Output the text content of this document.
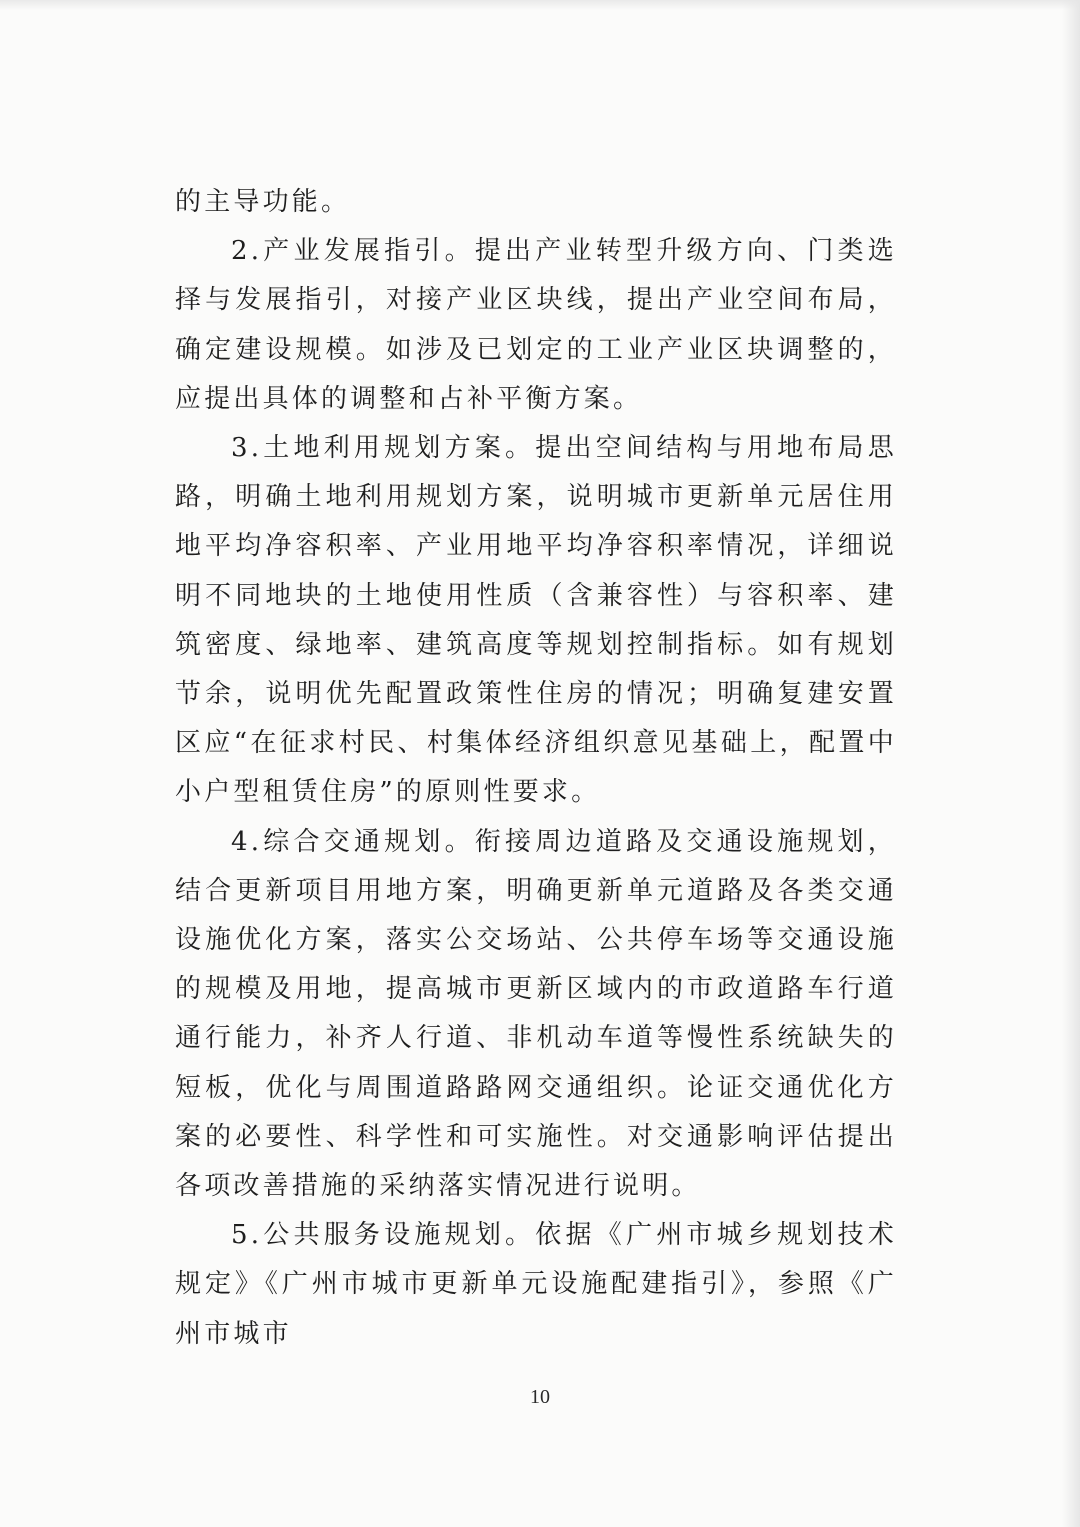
的主导功能。

2.产业发展指引。提出产业转型升级方向、门类选择与发展指引，对接产业区块线，提出产业空间布局，确定建设规模。如涉及已划定的工业产业区块调整的，应提出具体的调整和占补平衡方案。

3.土地利用规划方案。提出空间结构与用地布局思路，明确土地利用规划方案，说明城市更新单元居住用地平均净容积率、产业用地平均净容积率情况，详细说明不同地块的土地使用性质（含兼容性）与容积率、建筑密度、绿地率、建筑高度等规划控制指标。如有规划节余，说明优先配置政策性住房的情况；明确复建安置区应“在征求村民、村集体经济组织意见基础上，配置中小户型租赁住房”的原则性要求。

4.综合交通规划。衔接周边道路及交通设施规划，结合更新项目用地方案，明确更新单元道路及各类交通设施优化方案，落实公交场站、公共停车场等交通设施的规模及用地，提高城市更新区域内的市政道路车行道通行能力，补齐人行道、非机动车道等慢性系统缺失的短板，优化与周围道路路网交通组织。论证交通优化方案的必要性、科学性和可实施性。对交通影响评估提出各项改善措施的采纳落实情况进行说明。

5.公共服务设施规划。依据《广州市城乡规划技术规定》《广州市城市更新单元设施配建指引》，参照《广州市城市

10
